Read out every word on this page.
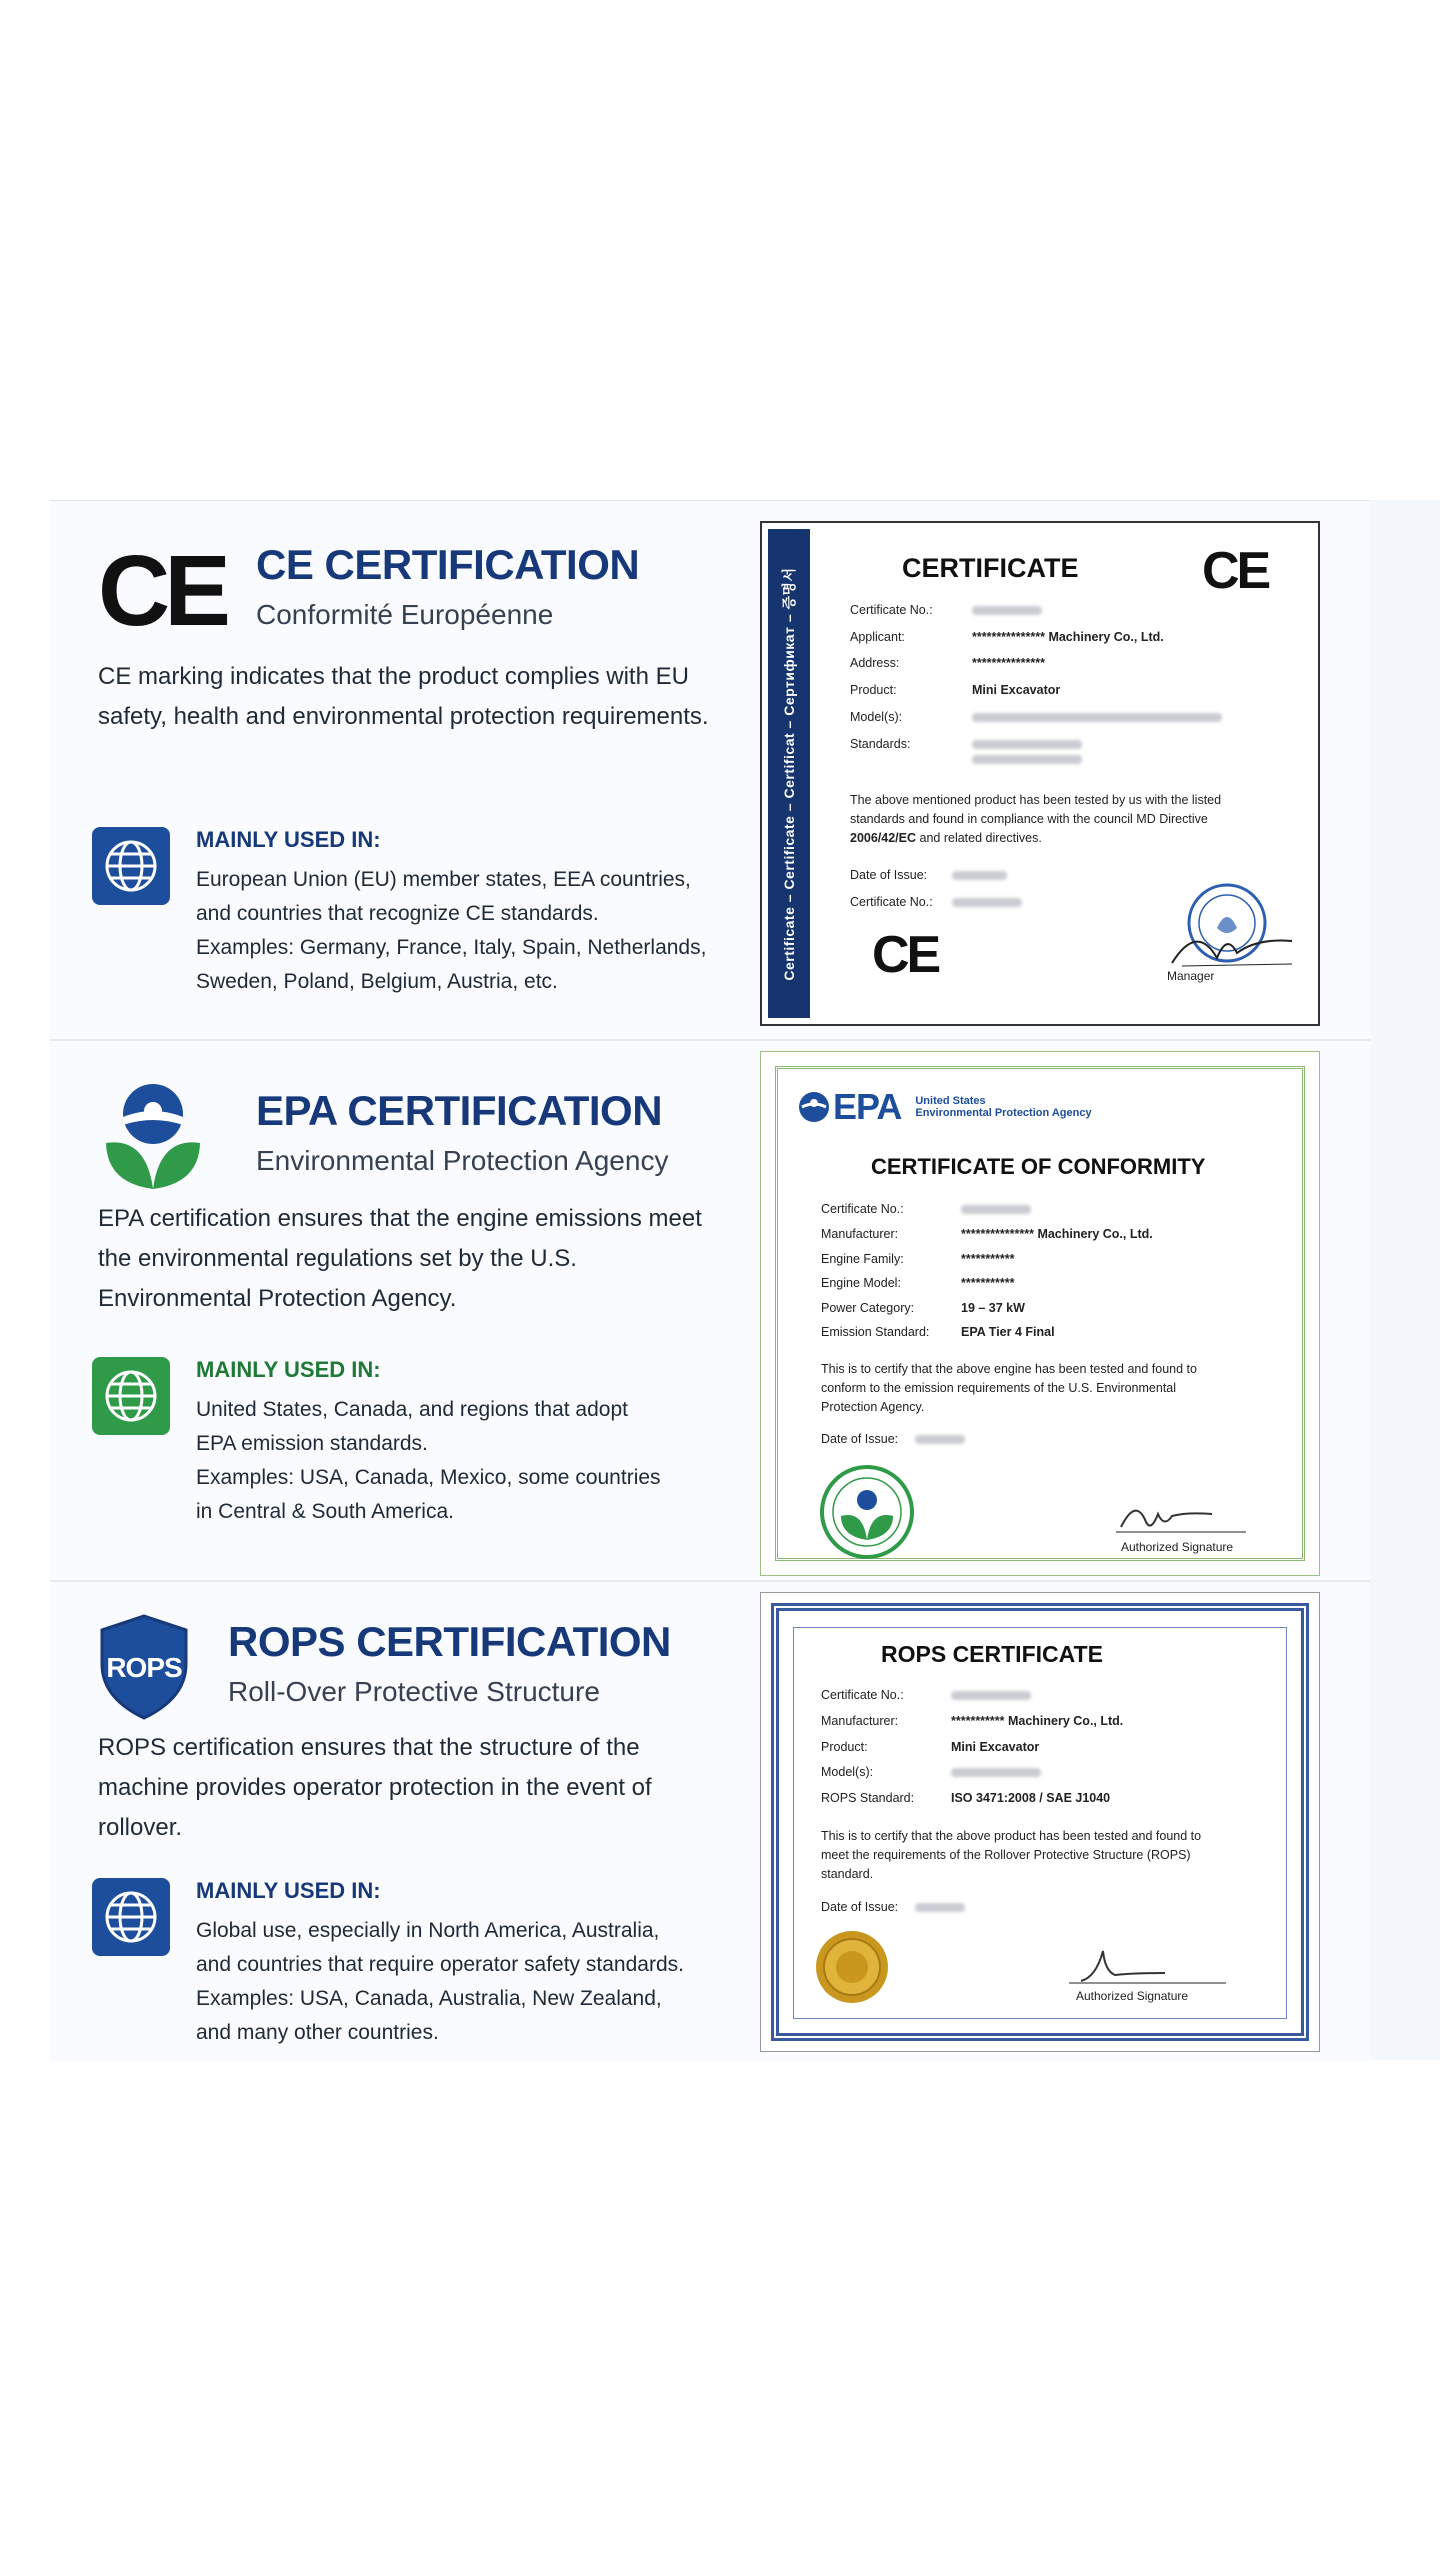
CE CE CERTIFICATION
Conformité Européenne
CE marking indicates that the product complies with EU safety, health and environmental protection requirements.
MAINLY USED IN:
European Union (EU) member states, EEA countries,
and countries that recognize CE standards.
Examples: Germany, France, Italy, Spain, Netherlands,
Sweden, Poland, Belgium, Austria, etc.
Certificate – Certificate – Certificat – Сертификат – 증명서	CERTIFICATE CE
Certificate No.:
Applicant:	*************** Machinery Co., Ltd.
Address:	***************
Product:	Mini Excavator
Model(s):
Standards:
The above mentioned product has been tested by us with the listed standards and found in compliance with the council MD Directive 2006/42/EC and related directives.
Date of Issue:
Certificate No.:
CE	Manager
EPA CERTIFICATION
Environmental Protection Agency
EPA certification ensures that the engine emissions meet the environmental regulations set by the U.S. Environmental Protection Agency.
MAINLY USED IN:
United States, Canada, and regions that adopt
EPA emission standards.
Examples: USA, Canada, Mexico, some countries
in Central & South America.
EPA United States
Environmental Protection Agency
CERTIFICATE OF CONFORMITY
Certificate No.:
Manufacturer:	*************** Machinery Co., Ltd.
Engine Family:	***********
Engine Model:	***********
Power Category:	19 – 37 kW
Emission Standard:	EPA Tier 4 Final
This is to certify that the above engine has been tested and found to conform to the emission requirements of the U.S. Environmental Protection Agency.
Date of Issue:
Authorized Signature
ROPS
ROPS CERTIFICATION
Roll-Over Protective Structure
ROPS certification ensures that the structure of the machine provides operator protection in the event of rollover.
MAINLY USED IN:
Global use, especially in North America, Australia,
and countries that require operator safety standards.
Examples: USA, Canada, Australia, New Zealand,
and many other countries.
ROPS CERTIFICATE
Certificate No.:
Manufacturer:	*********** Machinery Co., Ltd.
Product:	Mini Excavator
Model(s):
ROPS Standard:	ISO 3471:2008 / SAE J1040
This is to certify that the above product has been tested and found to meet the requirements of the Rollover Protective Structure (ROPS) standard.
Date of Issue:
Authorized Signature
